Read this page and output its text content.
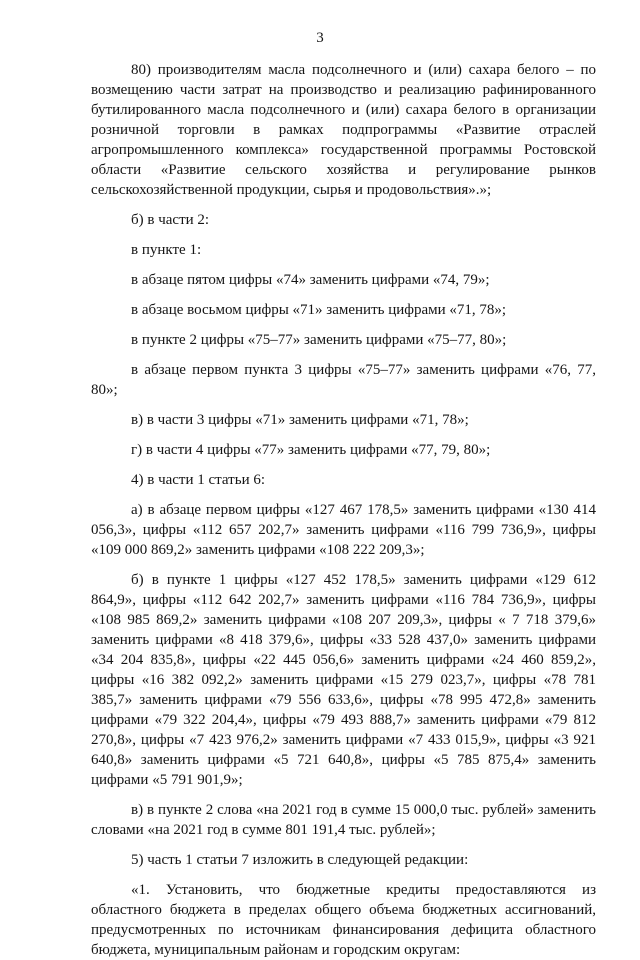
3

80) производителям масла подсолнечного и (или) сахара белого – по возмещению части затрат на производство и реализацию рафинированного бутилированного масла подсолнечного и (или) сахара белого в организации розничной торговли в рамках подпрограммы «Развитие отраслей агропромышленного комплекса» государственной программы Ростовской области «Развитие сельского хозяйства и регулирование рынков сельскохозяйственной продукции, сырья и продовольствия».»;

б) в части 2:

в пункте 1:

в абзаце пятом цифры «74» заменить цифрами «74, 79»;

в абзаце восьмом цифры «71» заменить цифрами «71, 78»;

в пункте 2 цифры «75–77» заменить цифрами «75–77, 80»;

в абзаце первом пункта 3 цифры «75–77» заменить цифрами «76, 77, 80»;

в) в части 3 цифры «71» заменить цифрами «71, 78»;

г) в части 4 цифры «77» заменить цифрами «77, 79, 80»;

4) в части 1 статьи 6:

а) в абзаце первом цифры «127 467 178,5» заменить цифрами «130 414 056,3», цифры «112 657 202,7» заменить цифрами «116 799 736,9», цифры «109 000 869,2» заменить цифрами «108 222 209,3»;

б) в пункте 1 цифры «127 452 178,5» заменить цифрами «129 612 864,9», цифры «112 642 202,7» заменить цифрами «116 784 736,9», цифры «108 985 869,2» заменить цифрами «108 207 209,3», цифры « 7 718 379,6» заменить цифрами «8 418 379,6», цифры «33 528 437,0» заменить цифрами «34 204 835,8», цифры «22 445 056,6» заменить цифрами «24 460 859,2», цифры «16 382 092,2» заменить цифрами «15 279 023,7», цифры «78 781 385,7» заменить цифрами «79 556 633,6», цифры «78 995 472,8» заменить цифрами «79 322 204,4», цифры «79 493 888,7» заменить цифрами «79 812 270,8», цифры «7 423 976,2» заменить цифрами «7 433 015,9», цифры «3 921 640,8» заменить цифрами «5 721 640,8», цифры «5 785 875,4» заменить цифрами «5 791 901,9»;

в) в пункте 2 слова «на 2021 год в сумме 15 000,0 тыс. рублей» заменить словами «на 2021 год в сумме 801 191,4 тыс. рублей»;

5) часть 1 статьи 7 изложить в следующей редакции:

«1. Установить, что бюджетные кредиты предоставляются из областного бюджета в пределах общего объема бюджетных ассигнований, предусмотренных по источникам финансирования дефицита областного бюджета, муниципальным районам и городским округам:
